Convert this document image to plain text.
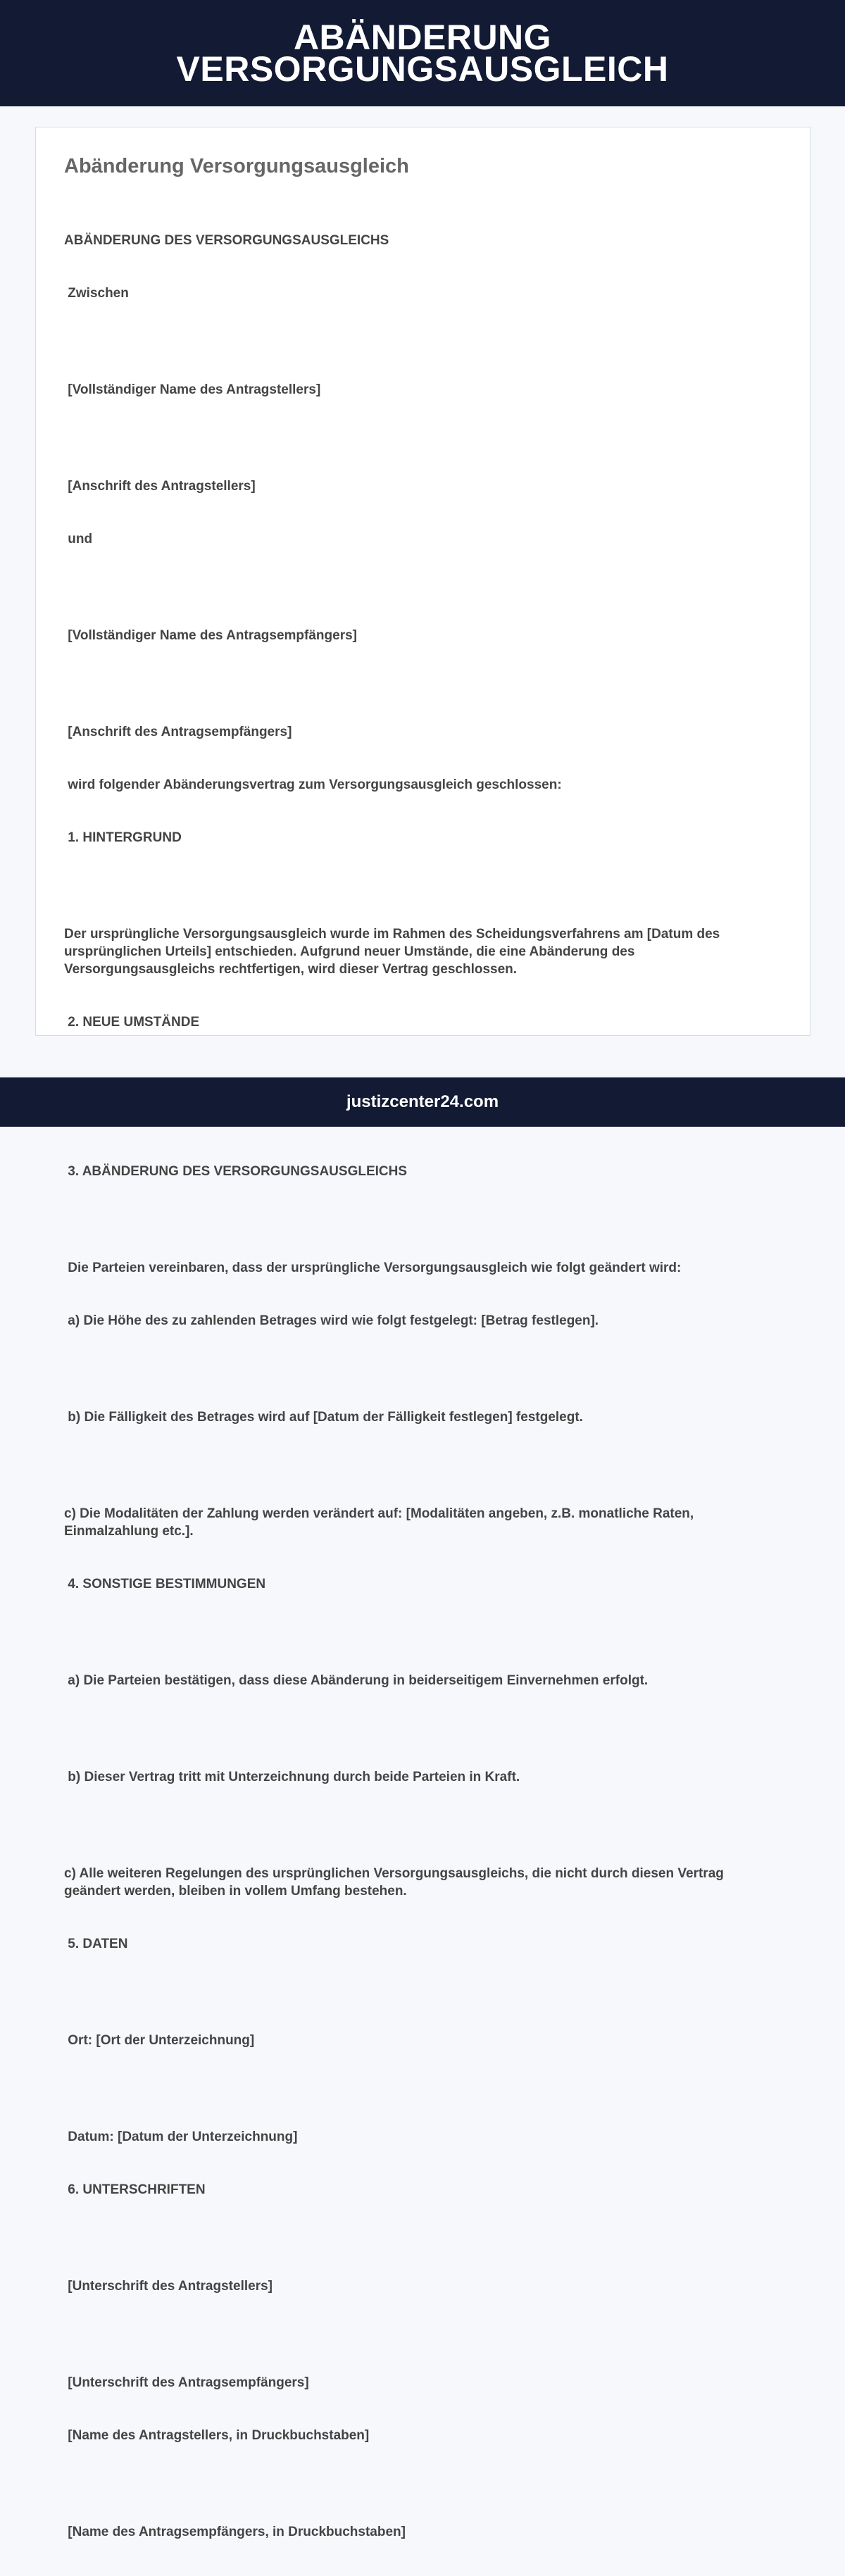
ABÄNDERUNG
VERSORGUNGSAUSGLEICH
Abänderung Versorgungsausgleich

ABÄNDERUNG DES VERSORGUNGSAUSGLEICHS

Zwischen

[Vollständiger Name des Antragstellers]

[Anschrift des Antragstellers]

und

[Vollständiger Name des Antragsempfängers]

[Anschrift des Antragsempfängers]

wird folgender Abänderungsvertrag zum Versorgungsausgleich geschlossen:

1. HINTERGRUND

Der ursprüngliche Versorgungsausgleich wurde im Rahmen des Scheidungsverfahrens am [Datum des ursprünglichen Urteils] entschieden. Aufgrund neuer Umstände, die eine Abänderung des Versorgungsausgleichs rechtfertigen, wird dieser Vertrag geschlossen.

2. NEUE UMSTÄNDE

3. ABÄNDERUNG DES VERSORGUNGSAUSGLEICHS

Die Parteien vereinbaren, dass der ursprüngliche Versorgungsausgleich wie folgt geändert wird:

a) Die Höhe des zu zahlenden Betrages wird wie folgt festgelegt: [Betrag festlegen].

b) Die Fälligkeit des Betrages wird auf [Datum der Fälligkeit festlegen] festgelegt.

c) Die Modalitäten der Zahlung werden verändert auf: [Modalitäten angeben, z.B. monatliche Raten, Einmalzahlung etc.].

4. SONSTIGE BESTIMMUNGEN

a) Die Parteien bestätigen, dass diese Abänderung in beiderseitigem Einvernehmen erfolgt.

b) Dieser Vertrag tritt mit Unterzeichnung durch beide Parteien in Kraft.

c) Alle weiteren Regelungen des ursprünglichen Versorgungsausgleichs, die nicht durch diesen Vertrag geändert werden, bleiben in vollem Umfang bestehen.

5. DATEN

Ort: [Ort der Unterzeichnung]

Datum: [Datum der Unterzeichnung]

6. UNTERSCHRIFTEN

[Unterschrift des Antragstellers]

[Unterschrift des Antragsempfängers]

[Name des Antragstellers, in Druckbuchstaben]

[Name des Antragsempfängers, in Druckbuchstaben]

justizcenter24.com
